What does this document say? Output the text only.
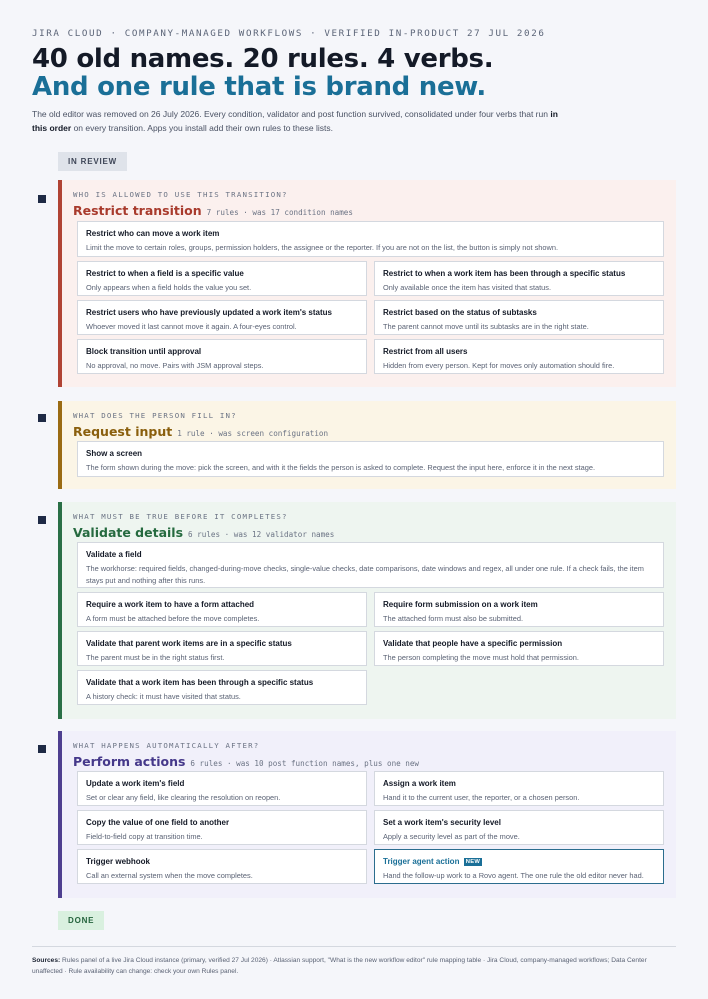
JIRA CLOUD · COMPANY-MANAGED WORKFLOWS · VERIFIED IN-PRODUCT 27 JUL 2026
40 old names. 20 rules. 4 verbs.
And one rule that is brand new.

The old editor was removed on 26 July 2026. Every condition, validator and post function survived, consolidated under four verbs that run in this order on every transition. Apps you install add their own rules to these lists.

IN REVIEW
WHO IS ALLOWED TO USE THIS TRANSITION?
Restrict transition 7 rules · was 17 condition names
Restrict who can move a work item
Limit the move to certain roles, groups, permission holders, the assignee or the reporter. If you are not on the list, the button is simply not shown.
Restrict to when a field is a specific value
Only appears when a field holds the value you set.
Restrict to when a work item has been through a specific status
Only available once the item has visited that status.
Restrict users who have previously updated a work item's status
Whoever moved it last cannot move it again. A four-eyes control.
Restrict based on the status of subtasks
The parent cannot move until its subtasks are in the right state.
Block transition until approval
No approval, no move. Pairs with JSM approval steps.
Restrict from all users
Hidden from every person. Kept for moves only automation should fire.
WHAT DOES THE PERSON FILL IN?
Request input 1 rule · was screen configuration
Show a screen
The form shown during the move: pick the screen, and with it the fields the person is asked to complete. Request the input here, enforce it in the next stage.
WHAT MUST BE TRUE BEFORE IT COMPLETES?
Validate details 6 rules · was 12 validator names
Validate a field
The workhorse: required fields, changed-during-move checks, single-value checks, date comparisons, date windows and regex, all under one rule. If a check fails, the item stays put and nothing after this runs.
Require a work item to have a form attached
A form must be attached before the move completes.
Require form submission on a work item
The attached form must also be submitted.
Validate that parent work items are in a specific status
The parent must be in the right status first.
Validate that people have a specific permission
The person completing the move must hold that permission.
Validate that a work item has been through a specific status
A history check: it must have visited that status.
WHAT HAPPENS AUTOMATICALLY AFTER?
Perform actions 6 rules · was 10 post function names, plus one new
Update a work item's field
Set or clear any field, like clearing the resolution on reopen.
Assign a work item
Hand it to the current user, the reporter, or a chosen person.
Copy the value of one field to another
Field-to-field copy at transition time.
Set a work item's security level
Apply a security level as part of the move.
Trigger webhook
Call an external system when the move completes.
Trigger agent action NEW
Hand the follow-up work to a Rovo agent. The one rule the old editor never had.
DONE

Sources: Rules panel of a live Jira Cloud instance (primary, verified 27 Jul 2026) · Atlassian support, "What is the new workflow editor" rule mapping table · Jira Cloud, company-managed workflows; Data Center unaffected · Rule availability can change: check your own Rules panel.
